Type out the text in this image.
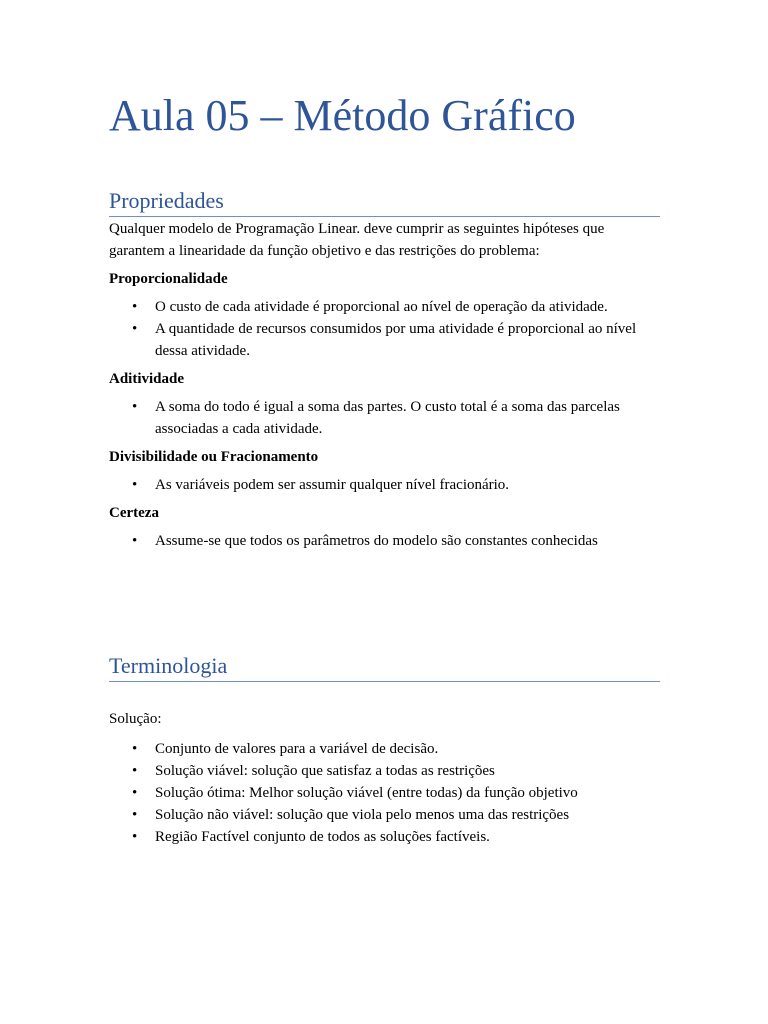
Aula 05 – Método Gráfico
Propriedades

Qualquer modelo de Programação Linear. deve cumprir as seguintes hipóteses que garantem a linearidade da função objetivo e das restrições do problema:

Proporcionalidade

• O custo de cada atividade é proporcional ao nível de operação da atividade.
• A quantidade de recursos consumidos por uma atividade é proporcional ao nível dessa atividade.

Aditividade

• A soma do todo é igual a soma das partes. O custo total é a soma das parcelas associadas a cada atividade.

Divisibilidade ou Fracionamento

• As variáveis podem ser assumir qualquer nível fracionário.

Certeza

• Assume-se que todos os parâmetros do modelo são constantes conhecidas
Terminologia

Solução:

• Conjunto de valores para a variável de decisão.
• Solução viável: solução que satisfaz a todas as restrições
• Solução ótima: Melhor solução viável (entre todas) da função objetivo
• Solução não viável: solução que viola pelo menos uma das restrições
• Região Factível conjunto de todos as soluções factíveis.
